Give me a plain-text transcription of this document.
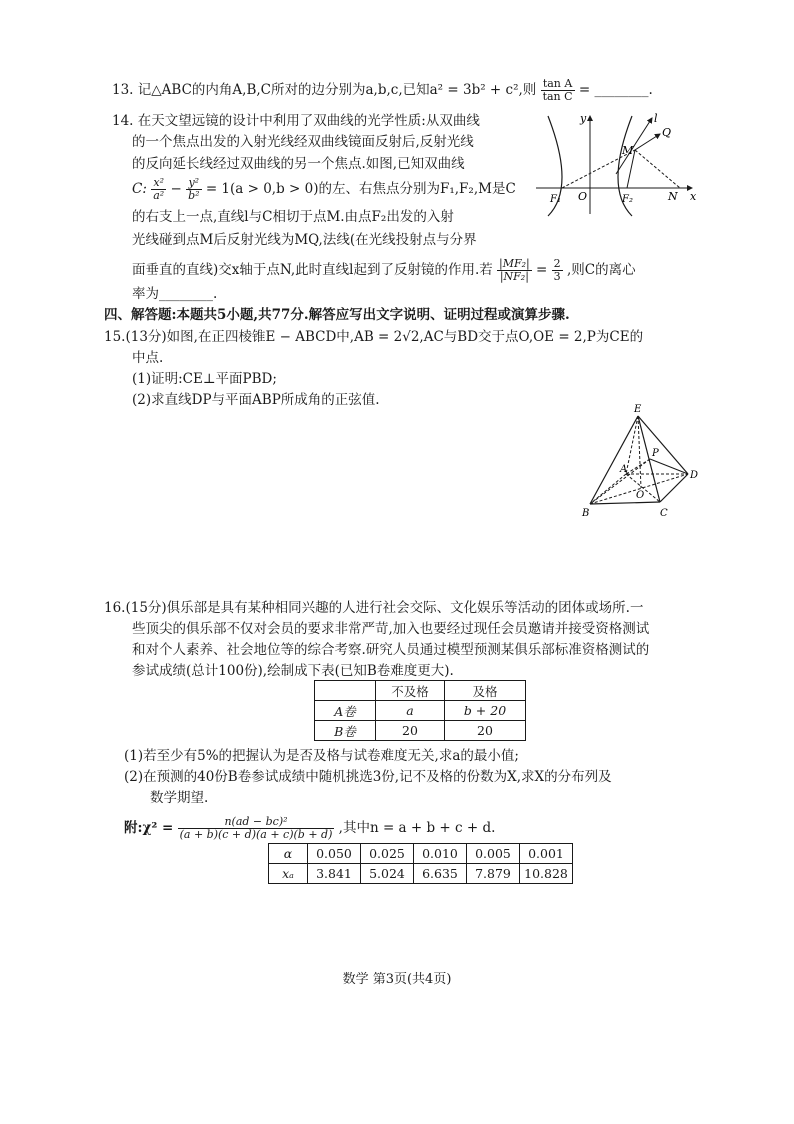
13. 记△ABC的内角A,B,C所对的边分别为a,b,c,已知a² = 3b² + c²,则 $\frac{\text{tan A}}{\text{tan C}}$ = ________.
14. 在天文望远镜的设计中利用了双曲线的光学性质:从双曲线
的一个焦点出发的入射光线经双曲线镜面反射后,反射光线
的反向延长线经过双曲线的另一个焦点.如图,已知双曲线
C: $\frac{\text{x²}}{\text{a²}} - \frac{\text{y²}}{\text{b²}} = 1(a > 0,b > 0)$的左、右焦点分别为F₁,F₂,M是C
的右支上一点,直线l与C相切于点M.由点F₂出发的入射
光线碰到点M后反射光线为MQ,法线(在光线投射点与分界
面垂直的直线)交x轴于点N,此时直线l起到了反射镜的作用.若 $\frac{\text{|MF₂|}}{\text{|NF₂|}} = \frac{2}{3}$ ,则C的离心
率为________.
y
x
l
Q
M
F₁ O	F₂	N
四、解答题:本题共5小题,共77分.解答应写出文字说明、证明过程或演算步骤.
15.(13分)如图,在正四棱锥E − ABCD中,AB = 2√2,AC与BD交于点O,OE = 2,P为CE的
中点.
(1)证明:CE⊥平面PBD;
(2)求直线DP与平面ABP所成角的正弦值.
E
P
A
D
O
B	C
16.(15分)俱乐部是具有某种相同兴趣的人进行社会交际、文化娱乐等活动的团体或场所.一
些顶尖的俱乐部不仅对会员的要求非常严苛,加入也要经过现任会员邀请并接受资格测试
和对个人素养、社会地位等的综合考察.研究人员通过模型预测某俱乐部标准资格测试的
参试成绩(总计100份),绘制成下表(已知B卷难度更大).
	不及格	及格
A卷	a	b + 20
B卷	20	20
(1)若至少有5%的把握认为是否及格与试卷难度无关,求a的最小值;
(2)在预测的40份B卷参试成绩中随机挑选3份,记不及格的份数为X,求X的分布列及
数学期望.
附:χ² = $\frac{\text{n(ad − bc)²}}{(a + b)(c + d)(a + c)(b + d)}$ ,其中n = a + b + c + d.
α	0.050	0.025	0.010	0.005	0.001
xₐ	3.841	5.024	6.635	7.879	10.828
数学 第3页(共4页)
